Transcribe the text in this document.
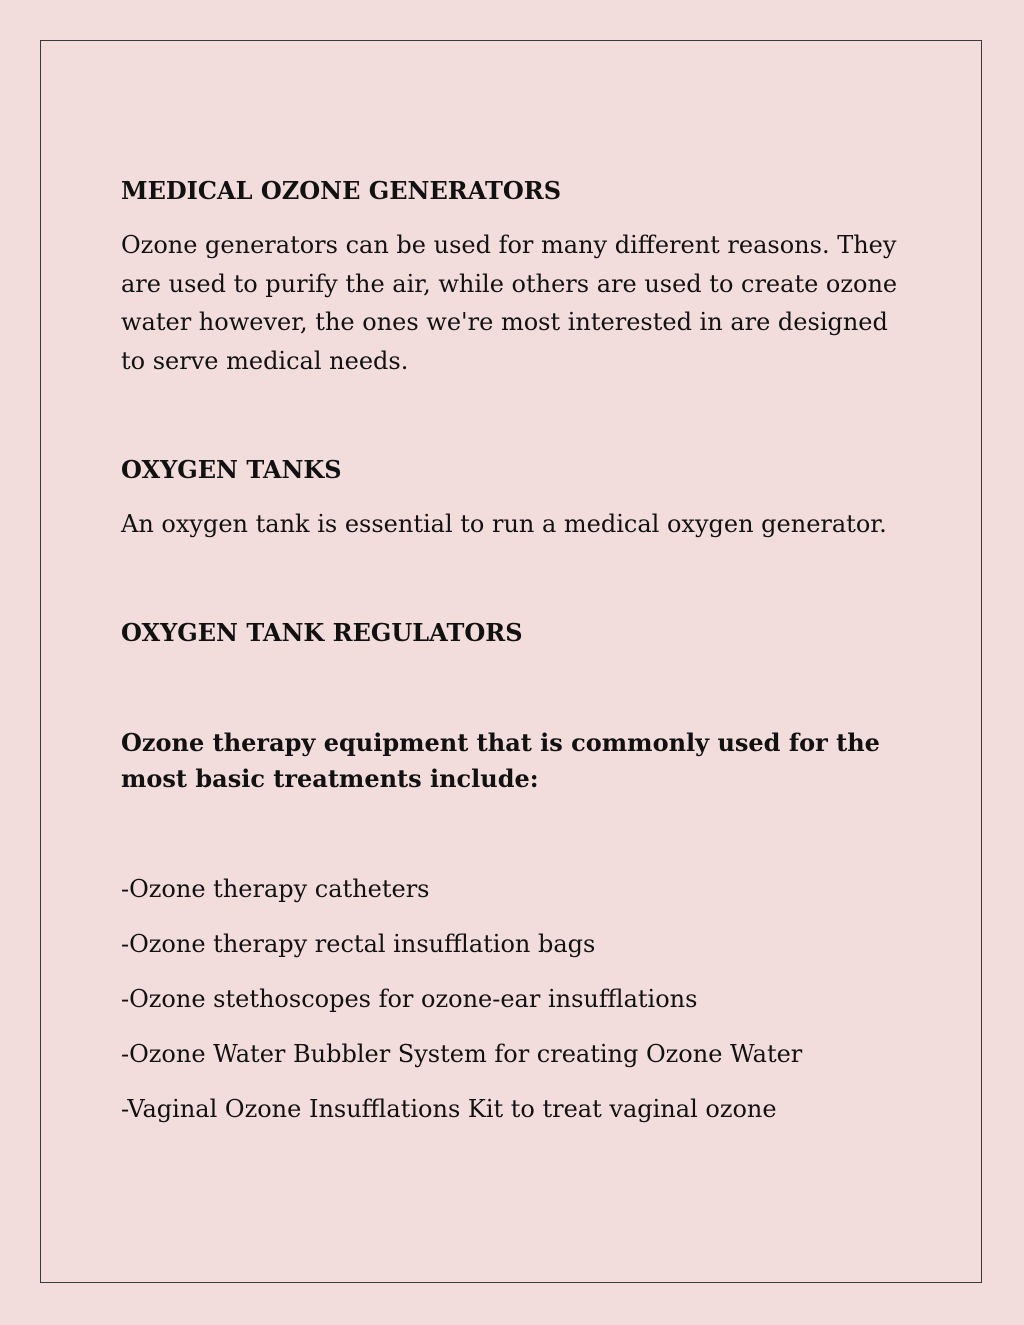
MEDICAL OZONE GENERATORS

Ozone generators can be used for many different reasons. They are used to purify the air, while others are used to create ozone water however, the ones we're most interested in are designed to serve medical needs.

OXYGEN TANKS

An oxygen tank is essential to run a medical oxygen generator.

OXYGEN TANK REGULATORS

Ozone therapy equipment that is commonly used for the most basic treatments include:

-Ozone therapy catheters

-Ozone therapy rectal insufflation bags

-Ozone stethoscopes for ozone-ear insufflations

-Ozone Water Bubbler System for creating Ozone Water

-Vaginal Ozone Insufflations Kit to treat vaginal ozone
